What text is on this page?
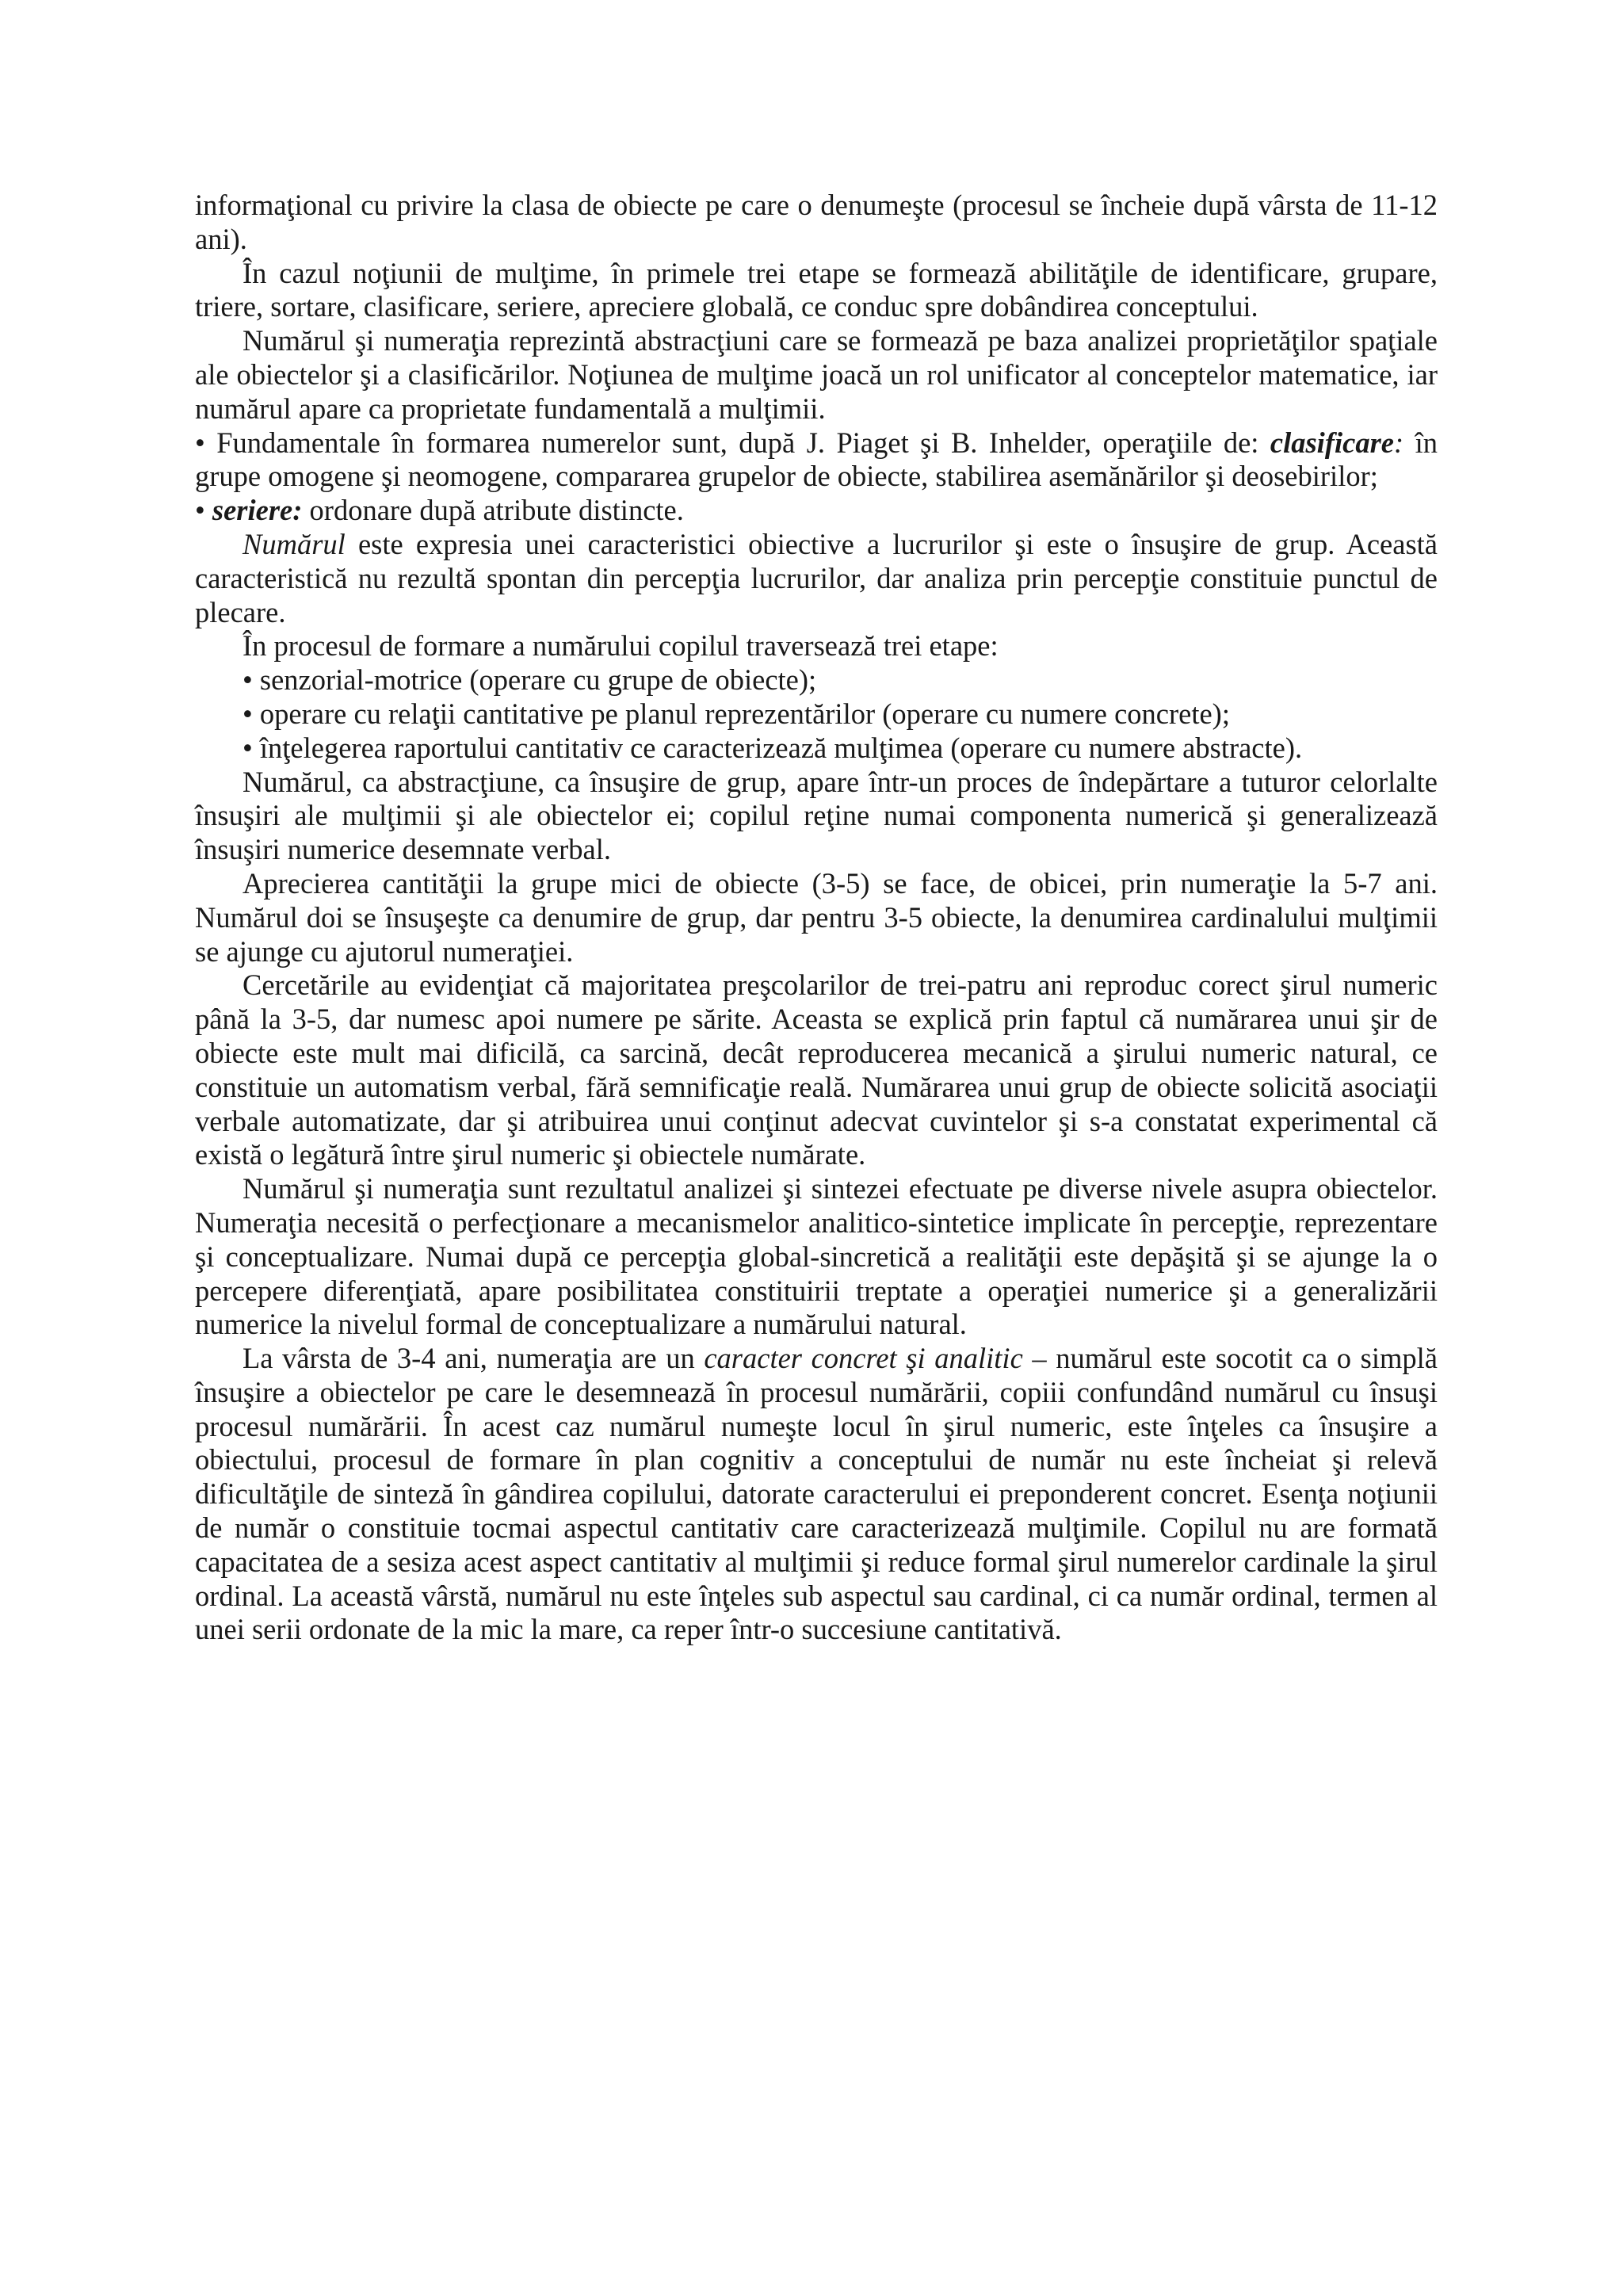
informaţional cu privire la clasa de obiecte pe care o denumeşte (procesul se încheie după vârsta de 11-12 ani).

În cazul noţiunii de mulţime, în primele trei etape se formează abilităţile de identificare, grupare, triere, sortare, clasificare, seriere, apreciere globală, ce conduc spre dobândirea conceptului.

Numărul şi numeraţia reprezintă abstracţiuni care se formează pe baza analizei proprietăţilor spaţiale ale obiectelor şi a clasificărilor. Noţiunea de mulţime joacă un rol unificator al conceptelor matematice, iar numărul apare ca proprietate fundamentală a mulţimii.

• Fundamentale în formarea numerelor sunt, după J. Piaget şi B. Inhelder, operaţiile de: clasificare: în grupe omogene şi neomogene, compararea grupelor de obiecte, stabilirea asemănărilor şi deosebirilor;

• seriere: ordonare după atribute distincte.

Numărul este expresia unei caracteristici obiective a lucrurilor şi este o însuşire de grup. Această caracteristică nu rezultă spontan din percepţia lucrurilor, dar analiza prin percepţie constituie punctul de plecare.

În procesul de formare a numărului copilul traversează trei etape:

• senzorial-motrice (operare cu grupe de obiecte);

• operare cu relaţii cantitative pe planul reprezentărilor (operare cu numere concrete);

• înţelegerea raportului cantitativ ce caracterizează mulţimea (operare cu numere abstracte).

Numărul, ca abstracţiune, ca însuşire de grup, apare într-un proces de îndepărtare a tuturor celorlalte însuşiri ale mulţimii şi ale obiectelor ei; copilul reţine numai componenta numerică şi generalizează însuşiri numerice desemnate verbal.

Aprecierea cantităţii la grupe mici de obiecte (3-5) se face, de obicei, prin numeraţie la 5-7 ani. Numărul doi se însuşeşte ca denumire de grup, dar pentru 3-5 obiecte, la denumirea cardinalului mulţimii se ajunge cu ajutorul numeraţiei.

Cercetările au evidenţiat că majoritatea preşcolarilor de trei-patru ani reproduc corect şirul numeric până la 3-5, dar numesc apoi numere pe sărite. Aceasta se explică prin faptul că numărarea unui şir de obiecte este mult mai dificilă, ca sarcină, decât reproducerea mecanică a şirului numeric natural, ce constituie un automatism verbal, fără semnificaţie reală. Numărarea unui grup de obiecte solicită asociaţii verbale automatizate, dar şi atribuirea unui conţinut adecvat cuvintelor şi s-a constatat experimental că există o legătură între şirul numeric şi obiectele numărate.

Numărul şi numeraţia sunt rezultatul analizei şi sintezei efectuate pe diverse nivele asupra obiectelor. Numeraţia necesită o perfecţionare a mecanismelor analitico-sintetice implicate în percepţie, reprezentare şi conceptualizare. Numai după ce percepţia global-sincretică a realităţii este depăşită şi se ajunge la o percepere diferenţiată, apare posibilitatea constituirii treptate a operaţiei numerice şi a generalizării numerice la nivelul formal de conceptualizare a numărului natural.

La vârsta de 3-4 ani, numeraţia are un caracter concret şi analitic – numărul este socotit ca o simplă însuşire a obiectelor pe care le desemnează în procesul numărării, copiii confundând numărul cu însuşi procesul numărării. În acest caz numărul numeşte locul în şirul numeric, este înţeles ca însuşire a obiectului, procesul de formare în plan cognitiv a conceptului de număr nu este încheiat şi relevă dificultăţile de sinteză în gândirea copilului, datorate caracterului ei preponderent concret. Esenţa noţiunii de număr o constituie tocmai aspectul cantitativ care caracterizează mulţimile. Copilul nu are formată capacitatea de a sesiza acest aspect cantitativ al mulţimii şi reduce formal şirul numerelor cardinale la şirul ordinal. La această vârstă, numărul nu este înţeles sub aspectul sau cardinal, ci ca număr ordinal, termen al unei serii ordonate de la mic la mare, ca reper într-o succesiune cantitativă.
